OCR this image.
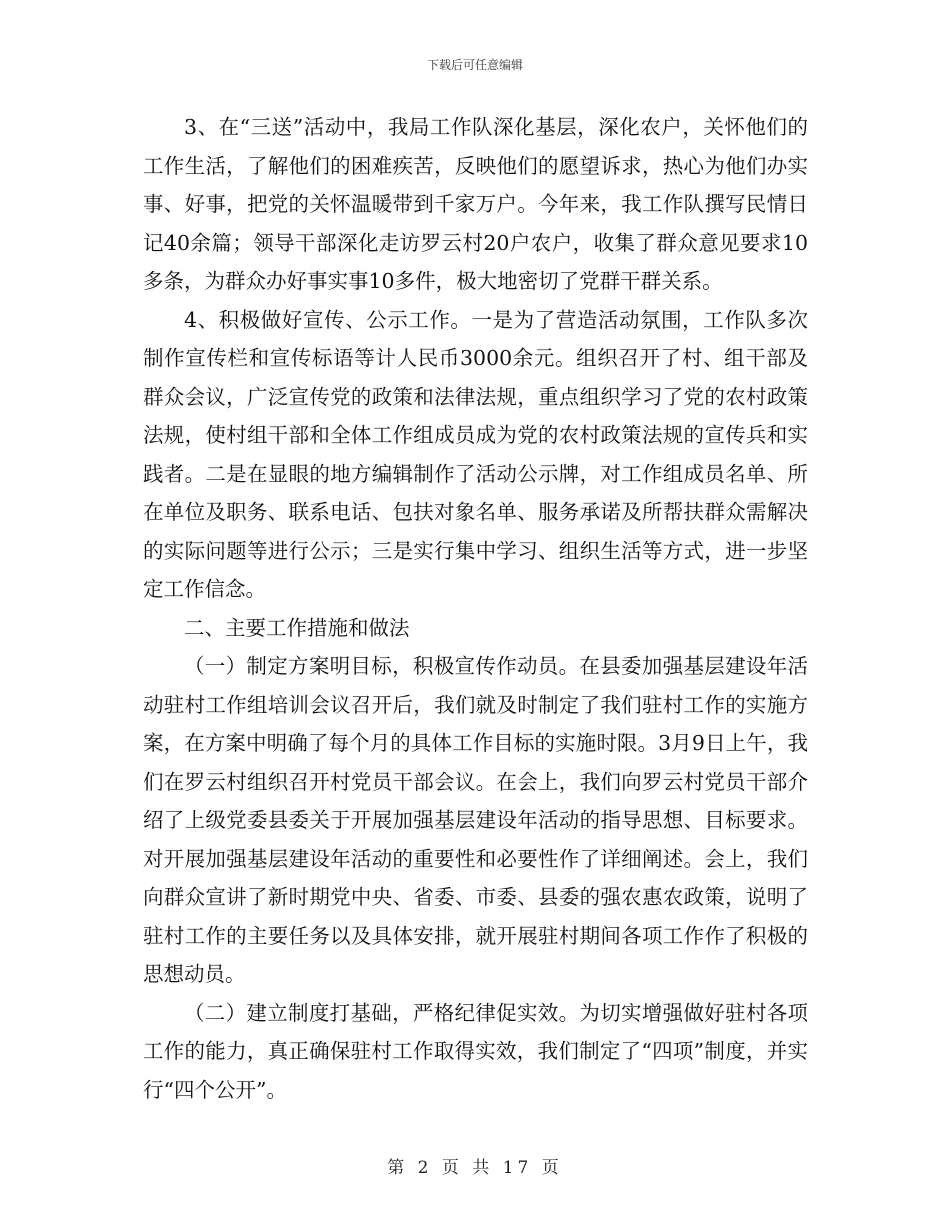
下载后可任意编辑

3、在“三送”活动中，我局工作队深化基层，深化农户，关怀他们的工作生活，了解他们的困难疾苦，反映他们的愿望诉求，热心为他们办实事、好事，把党的关怀温暖带到千家万户。今年来，我工作队撰写民情日记40余篇；领导干部深化走访罗云村20户农户，收集了群众意见要求10多条，为群众办好事实事10多件，极大地密切了党群干群关系。

4、积极做好宣传、公示工作。一是为了营造活动氛围，工作队多次制作宣传栏和宣传标语等计人民币3000余元。组织召开了村、组干部及群众会议，广泛宣传党的政策和法律法规，重点组织学习了党的农村政策法规，使村组干部和全体工作组成员成为党的农村政策法规的宣传兵和实践者。二是在显眼的地方编辑制作了活动公示牌，对工作组成员名单、所在单位及职务、联系电话、包扶对象名单、服务承诺及所帮扶群众需解决的实际问题等进行公示；三是实行集中学习、组织生活等方式，进一步坚定工作信念。

二、主要工作措施和做法

（一）制定方案明目标，积极宣传作动员。在县委加强基层建设年活动驻村工作组培训会议召开后，我们就及时制定了我们驻村工作的实施方案，在方案中明确了每个月的具体工作目标的实施时限。3月9日上午，我们在罗云村组织召开村党员干部会议。在会上，我们向罗云村党员干部介绍了上级党委县委关于开展加强基层建设年活动的指导思想、目标要求。对开展加强基层建设年活动的重要性和必要性作了详细阐述。会上，我们向群众宣讲了新时期党中央、省委、市委、县委的强农惠农政策，说明了驻村工作的主要任务以及具体安排，就开展驻村期间各项工作作了积极的思想动员。

（二）建立制度打基础，严格纪律促实效。为切实增强做好驻村各项工作的能力，真正确保驻村工作取得实效，我们制定了“四项”制度，并实行“四个公开”。

第 2 页 共 17 页
